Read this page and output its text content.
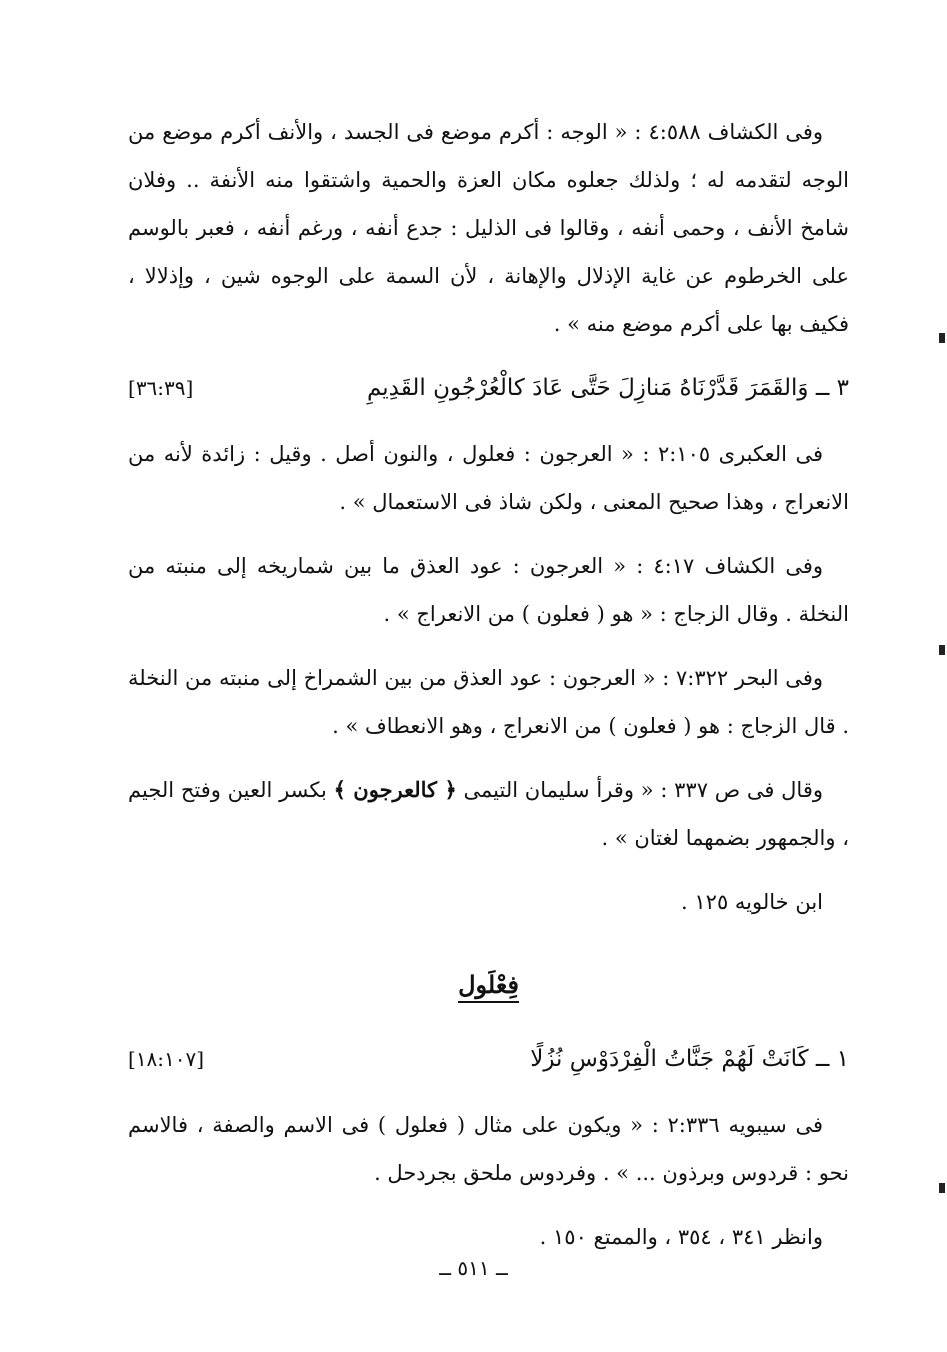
وفى الكشاف ٤:٥٨٨ : « الوجه : أكرم موضع فى الجسد ، والأنف أكرم موضع من الوجه لتقدمه له ؛ ولذلك جعلوه مكان العزة والحمية واشتقوا منه الأنفة .. وفلان شامخ الأنف ، وحمى أنفه ، وقالوا فى الذليل : جدع أنفه ، ورغم أنفه ، فعبر بالوسم على الخرطوم عن غاية الإذلال والإهانة ، لأن السمة على الوجوه شين ، وإذلالا ، فكيف بها على أكرم موضع منه » .

٣ ــ وَالقَمَرَ قَدَّرْنَاهُ مَنازِلَ حَتَّى عَادَ كالْعُرْجُونِ القَدِيمِ
[٣٦:٣٩]

فى العكبرى ٢:١٠٥ : « العرجون : فعلول ، والنون أصل . وقيل : زائدة لأنه من الانعراج ، وهذا صحيح المعنى ، ولكن شاذ فى الاستعمال » .

وفى الكشاف ٤:١٧ : « العرجون : عود العذق ما بين شماريخه إلى منبته من النخلة . وقال الزجاج : « هو ( فعلون ) من الانعراج » .

وفى البحر ٧:٣٢٢ : « العرجون : عود العذق من بين الشمراخ إلى منبته من النخلة . قال الزجاج : هو ( فعلون ) من الانعراج ، وهو الانعطاف » .

وقال فى ص ٣٣٧ : « وقرأ سليمان التيمى ﴿ كالعرجون ﴾ بكسر العين وفتح الجيم ، والجمهور بضمهما لغتان » .

ابن خالويه ١٢٥ .

فِعْلَول
١ ــ كَانَتْ لَهُمْ جَنَّاتُ الْفِرْدَوْسِ نُزُلًا
[١٨:١٠٧]

فى سيبويه ٢:٣٣٦ : « ويكون على مثال ( فعلول ) فى الاسم والصفة ، فالاسم نحو : قردوس وبرذون ... » . وفردوس ملحق بجردحل .

وانظر ٣٤١ ، ٣٥٤ ، والممتع ١٥٠ .

ــ ٥١١ ــ
